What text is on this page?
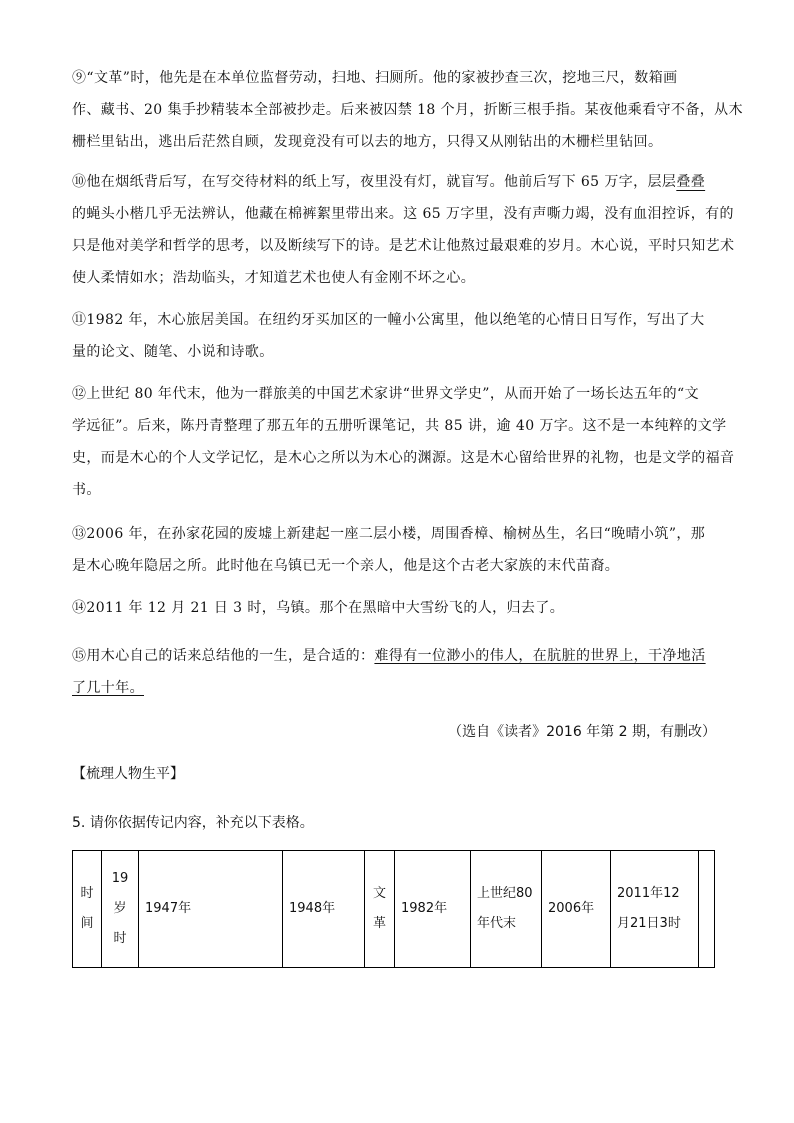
⑨“文革”时，他先是在本单位监督劳动，扫地、扫厕所。他的家被抄查三次，挖地三尺，数箱画
作、藏书、20 集手抄精装本全部被抄走。后来被囚禁 18 个月，折断三根手指。某夜他乘看守不备，从木
栅栏里钻出，逃出后茫然自顾，发现竟没有可以去的地方，只得又从刚钻出的木栅栏里钻回。

⑩他在烟纸背后写，在写交待材料的纸上写，夜里没有灯，就盲写。他前后写下 65 万字，层层叠叠
的蝇头小楷几乎无法辨认，他藏在棉裤絮里带出来。这 65 万字里，没有声嘶力竭，没有血泪控诉，有的
只是他对美学和哲学的思考，以及断续写下的诗。是艺术让他熬过最艰难的岁月。木心说，平时只知艺术
使人柔情如水；浩劫临头，才知道艺术也使人有金刚不坏之心。

⑪1982 年，木心旅居美国。在纽约牙买加区的一幢小公寓里，他以绝笔的心情日日写作，写出了大
量的论文、随笔、小说和诗歌。

⑫上世纪 80 年代末，他为一群旅美的中国艺术家讲“世界文学史”，从而开始了一场长达五年的“文
学远征”。后来，陈丹青整理了那五年的五册听课笔记，共 85 讲，逾 40 万字。这不是一本纯粹的文学
史，而是木心的个人文学记忆，是木心之所以为木心的渊源。这是木心留给世界的礼物，也是文学的福音
书。

⑬2006 年，在孙家花园的废墟上新建起一座二层小楼，周围香樟、榆树丛生，名曰“晚晴小筑”，那
是木心晚年隐居之所。此时他在乌镇已无一个亲人，他是这个古老大家族的末代苗裔。

⑭2011 年 12 月 21 日 3 时，乌镇。那个在黑暗中大雪纷飞的人，归去了。

⑮用木心自己的话来总结他的一生，是合适的：难得有一位渺小的伟人，在肮脏的世界上，干净地活
了几十年。

（选自《读者》2016 年第 2 期，有删改）

【梳理人物生平】

5. 请你依据传记内容，补充以下表格。

时间	19岁时	1947年	1948年	文革	1982年	上世纪80年代末	2006年	2011年12月21日3时	
